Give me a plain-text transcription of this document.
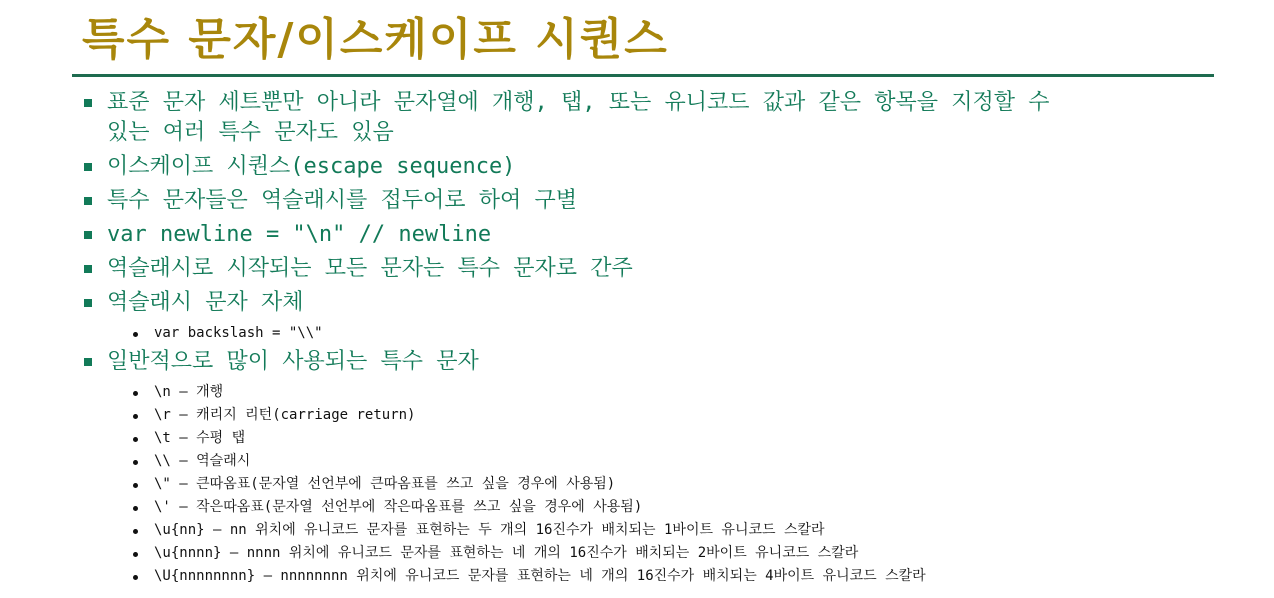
특수 문자/이스케이프 시퀀스
표준 문자 세트뿐만 아니라 문자열에 개행, 탭, 또는 유니코드 값과 같은 항목을 지정할 수
있는 여러 특수 문자도 있음
이스케이프 시퀀스(escape sequence)
특수 문자들은 역슬래시를 접두어로 하여 구별
var newline = "\n" // newline
역슬래시로 시작되는 모든 문자는 특수 문자로 간주
역슬래시 문자 자체
var backslash = "\\"
일반적으로 많이 사용되는 특수 문자
\n – 개행
\r – 캐리지 리턴(carriage return)
\t – 수평 탭
\\ – 역슬래시
\" – 큰따옴표(문자열 선언부에 큰따옴표를 쓰고 싶을 경우에 사용됨)
\' – 작은따옴표(문자열 선언부에 작은따옴표를 쓰고 싶을 경우에 사용됨)
\u{nn} – nn 위치에 유니코드 문자를 표현하는 두 개의 16진수가 배치되는 1바이트 유니코드 스칼라
\u{nnnn} – nnnn 위치에 유니코드 문자를 표현하는 네 개의 16진수가 배치되는 2바이트 유니코드 스칼라
\U{nnnnnnnn} – nnnnnnnn 위치에 유니코드 문자를 표현하는 네 개의 16진수가 배치되는 4바이트 유니코드 스칼라
